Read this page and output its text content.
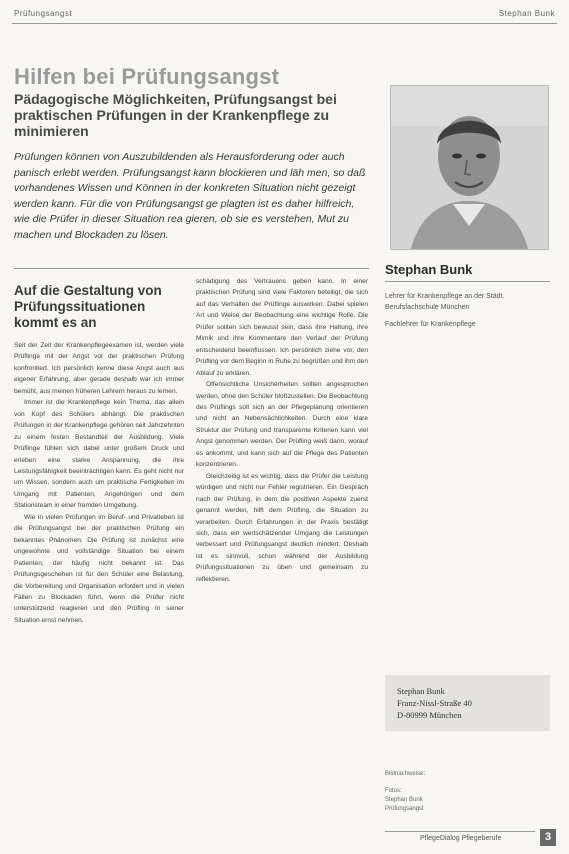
Prüfungsangst	Stephan Bunk
Hilfen bei Prüfungsangst
Pädagogische Möglichkeiten, Prüfungsangst bei praktischen Prüfungen in der Krankenpflege zu minimieren

Prüfungen können von Auszubildenden als Herausforderung oder auch panisch erlebt werden. Prüfungsangst kann blockieren und läh men, so daß vorhandenes Wissen und Können in der konkreten Situation nicht gezeigt werden kann. Für die von Prüfungsangst ge plagten ist es daher hilfreich, wie die Prüfer in dieser Situation rea gieren, ob sie es verstehen, Mut zu machen und Blockaden zu lösen.

Stephan Bunk

Lehrer für Krankenpflege an der Städt. Berufsfachschule München

Fachlehrer für Krankenpflege

Auf die Gestaltung von Prüfungssituationen kommt es an

Seit der Zeit der Krankenpflegeexamen ist, werden viele Prüflinge mit der Angst vor der praktischen Prüfung konfrontiert. Ich persönlich kenne diese Angst auch aus eigener Erfahrung, aber gerade deshalb war ich immer bemüht, aus meinen früheren Lehrern heraus zu lernen.

Immer ist die Krankenpflege kein Thema, das allein von Kopf des Schülers abhängt. Die praktischen Prüfungen in der Krankenpflege gehören seit Jahrzehnten zu einem festen Bestandteil der Ausbildung. Viele Prüflinge fühlen sich dabei unter großem Druck und erleben eine starke Anspannung, die ihre Leistungsfähigkeit beeinträchtigen kann. Es geht nicht nur um Wissen, sondern auch um praktische Fertigkeiten im Umgang mit Patienten, Angehörigen und dem Stationsteam in einer fremden Umgebung.

Wie in vielen Prüfungen im Beruf- und Privatleben ist die Prüfungsangst bei der praktischen Prüfung ein bekanntes Phänomen. Die Prüfung ist zunächst eine ungewohnte und vollständige Situation bei einem Patienten, der häufig nicht bekannt ist. Das Prüfungsgeschehen ist für den Schüler eine Belastung, die Vorbereitung und Organisation erfordert und in vielen Fällen zu Blockaden führt, wenn die Prüfer nicht unterstützend reagieren und den Prüfling in seiner Situation ernst nehmen.

schädigung des Vertrauens geben kann. In einer praktischen Prüfung sind viele Faktoren beteiligt, die sich auf das Verhalten der Prüflinge auswirken. Dabei spielen Art und Weise der Beobachtung eine wichtige Rolle. Die Prüfer sollten sich bewusst sein, dass ihre Haltung, ihre Mimik und ihre Kommentare den Verlauf der Prüfung entscheidend beeinflussen. Ich persönlich ziehe vor, den Prüfling vor dem Beginn in Ruhe zu begrüßen und ihm den Ablauf zu erklären.

Offensichtliche Unsicherheiten sollten angesprochen werden, ohne den Schüler bloßzustellen. Die Beobachtung des Prüflings soll sich an der Pflegeplanung orientieren und nicht an Nebensächlichkeiten. Durch eine klare Struktur der Prüfung und transparente Kriterien kann viel Angst genommen werden. Der Prüfling weiß dann, worauf es ankommt, und kann sich auf die Pflege des Patienten konzentrieren.

Gleichzeitig ist es wichtig, dass die Prüfer die Leistung würdigen und nicht nur Fehler registrieren. Ein Gespräch nach der Prüfung, in dem die positiven Aspekte zuerst genannt werden, hilft dem Prüfling, die Situation zu verarbeiten. Durch Erfahrungen in der Praxis bestätigt sich, dass ein wertschätzender Umgang die Leistungen verbessert und Prüfungsangst deutlich mindert. Deshalb ist es sinnvoll, schon während der Ausbildung Prüfungssituationen zu üben und gemeinsam zu reflektieren.

Stephan Bunk
Franz-Nissl-Straße 40
D-80999 München

Bildnachweise:

Fotos:

Stephan Bunk

Prüfungsangst

PflegeDialog Pflegeberufe	3
